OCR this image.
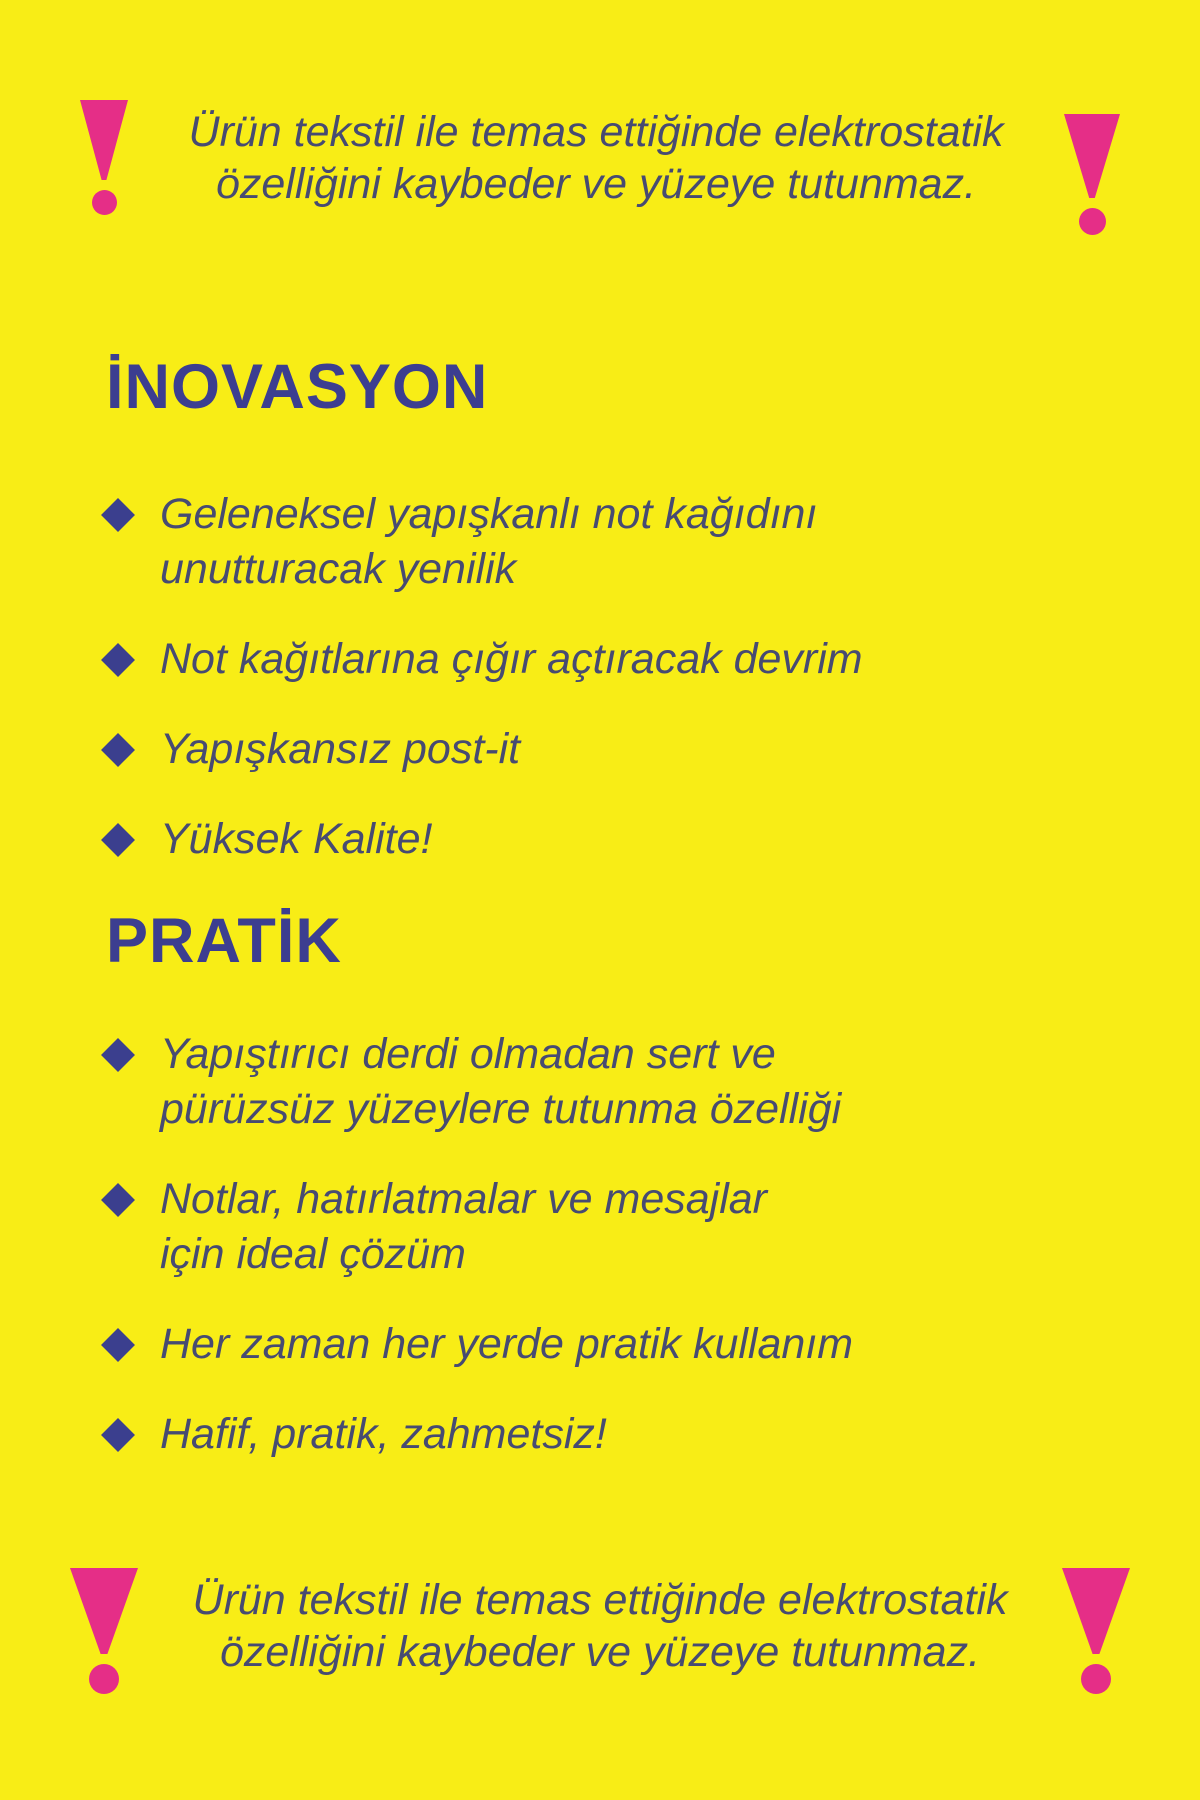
Ürün tekstil ile temas ettiğinde elektrostatik
özelliğini kaybeder ve yüzeye tutunmaz.
İNOVASYON
Geleneksel yapışkanlı not kağıdını
unutturacak yenilik
Not kağıtlarına çığır açtıracak devrim
Yapışkansız post-it
Yüksek Kalite!
PRATİK
Yapıştırıcı derdi olmadan sert ve
pürüzsüz yüzeylere tutunma özelliği
Notlar, hatırlatmalar ve mesajlar
için ideal çözüm
Her zaman her yerde pratik kullanım
Hafif, pratik, zahmetsiz!
Ürün tekstil ile temas ettiğinde elektrostatik
özelliğini kaybeder ve yüzeye tutunmaz.
